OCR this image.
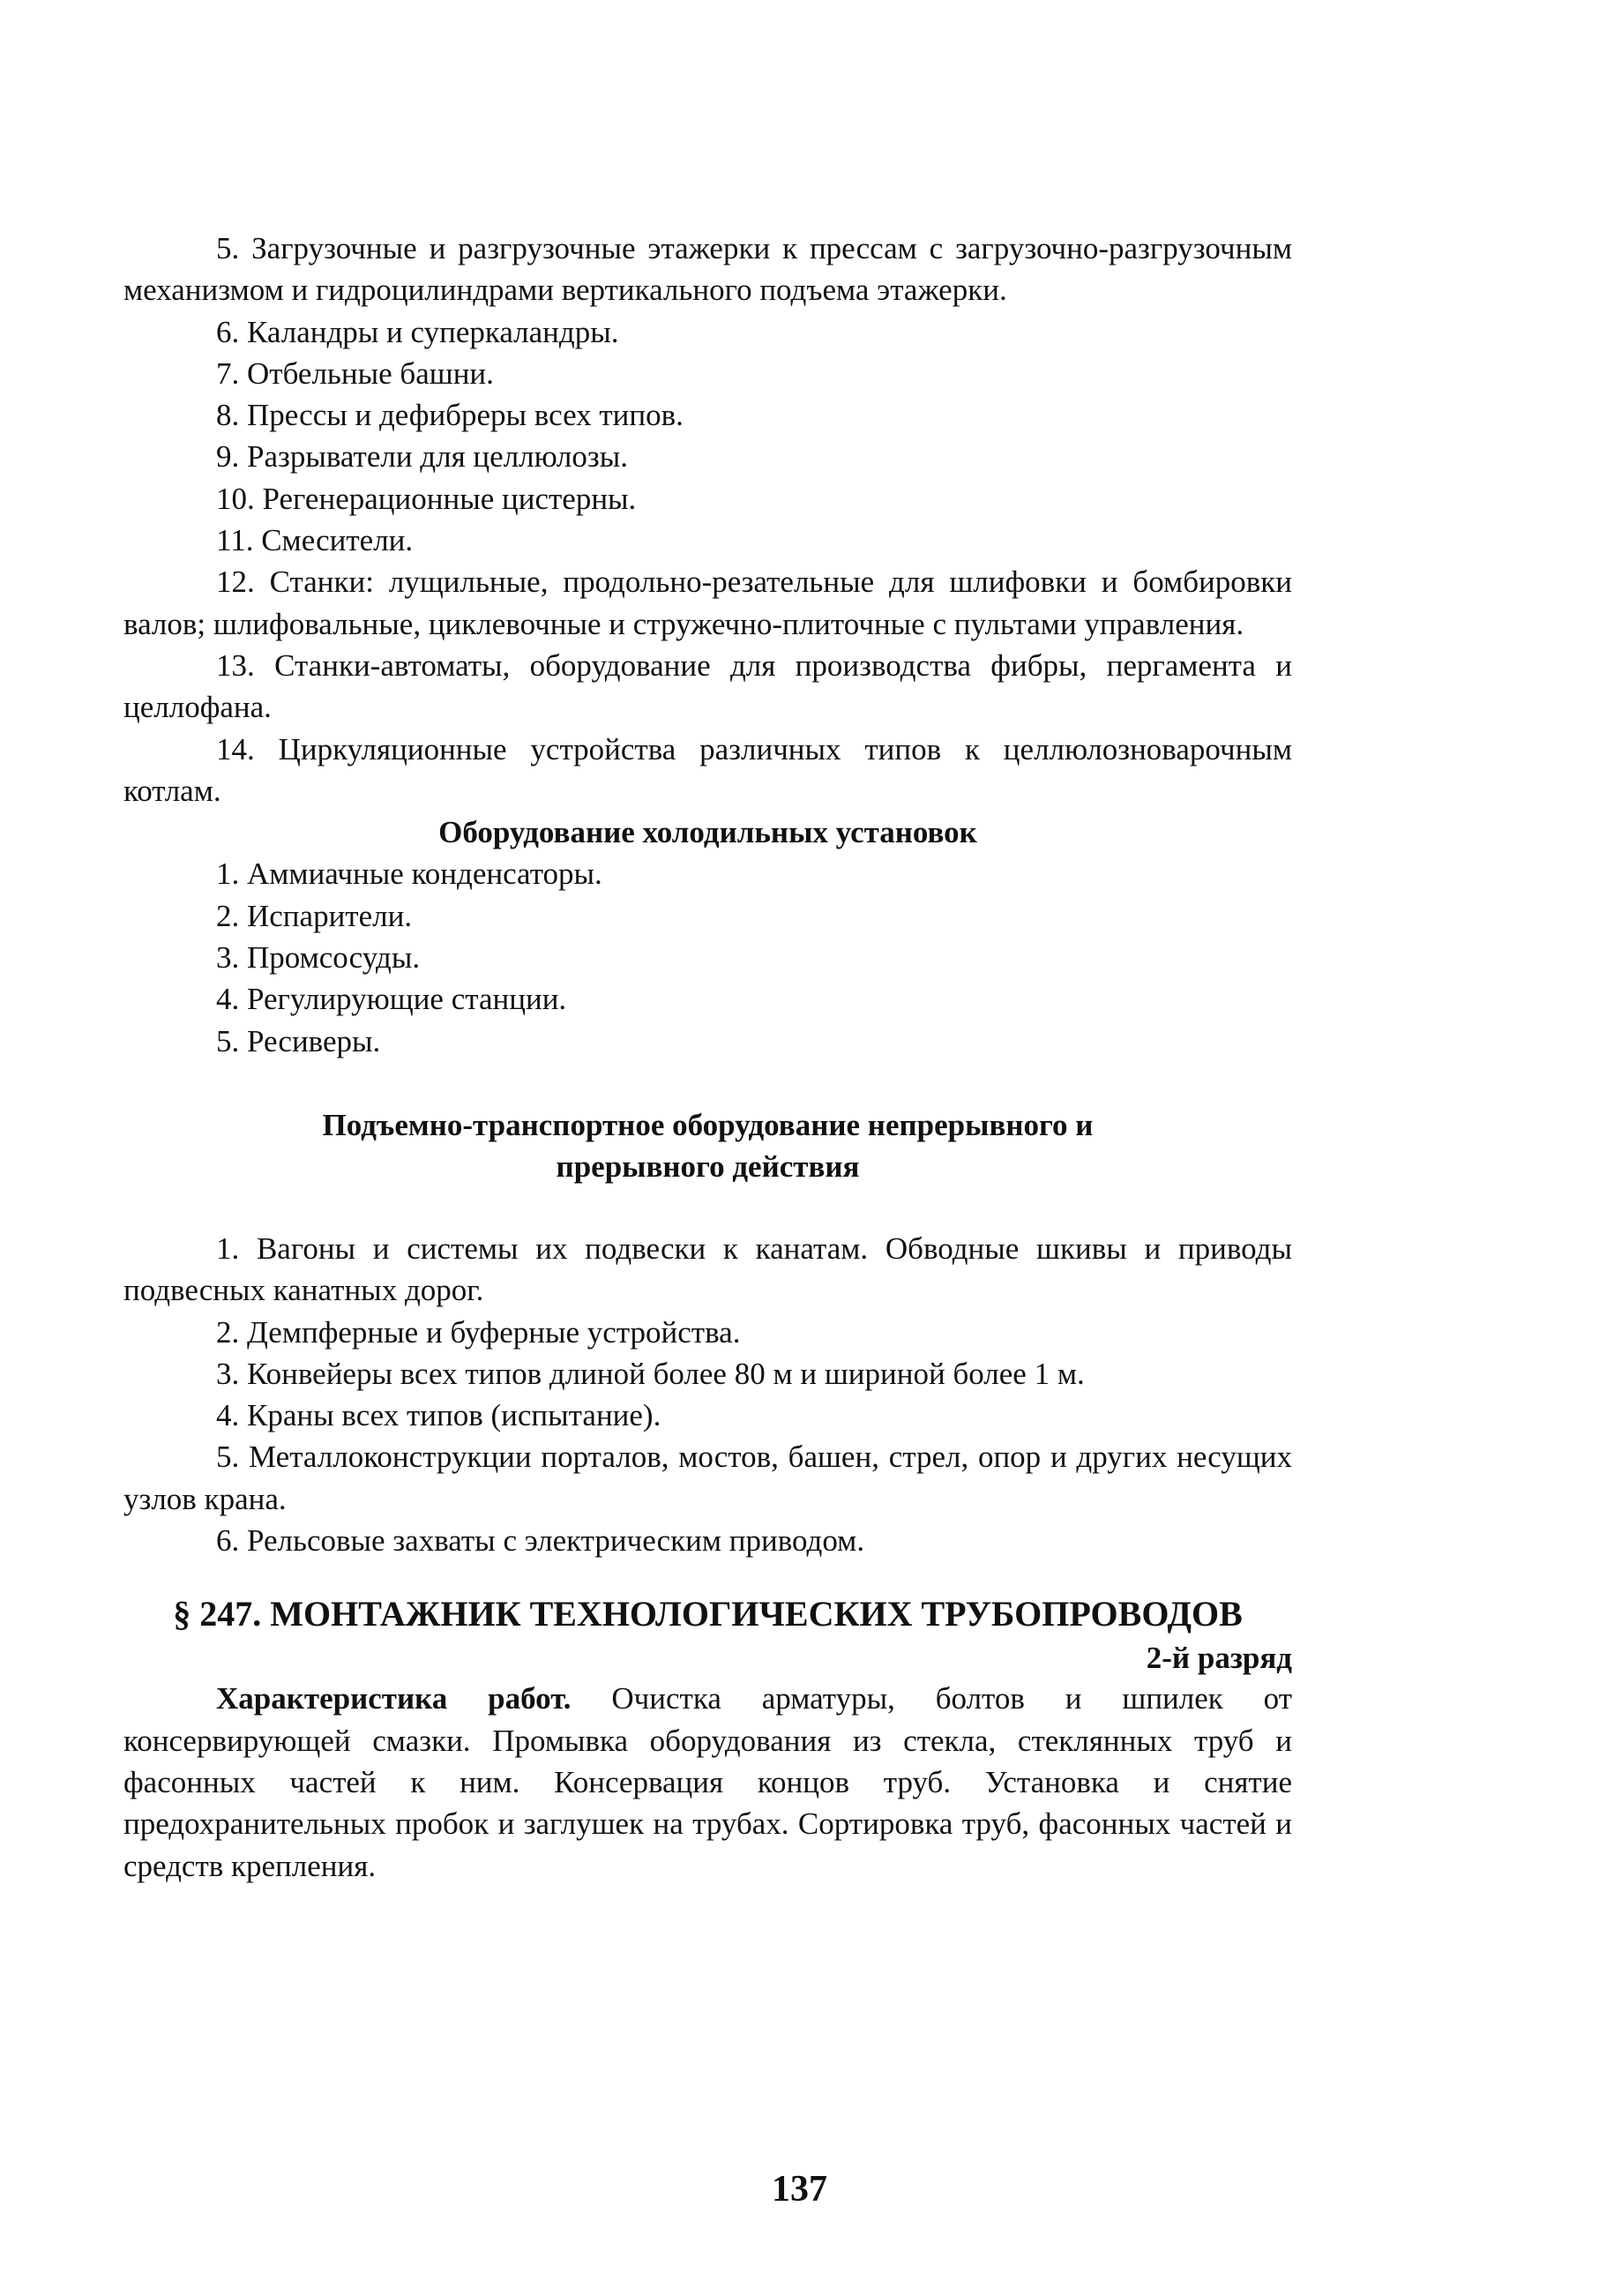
5. Загрузочные и разгрузочные этажерки к прессам с загрузочно-разгрузочным механизмом и гидроцилиндрами вертикального подъема этажерки.

6. Каландры и суперкаландры.

7. Отбельные башни.

8. Прессы и дефибреры всех типов.

9. Разрыватели для целлюлозы.

10. Регенерационные цистерны.

11. Смесители.

12. Станки: лущильные, продольно-резательные для шлифовки и бомбировки валов; шлифовальные, циклевочные и стружечно-плиточные с пультами управления.

13. Станки-автоматы, оборудование для производства фибры, пергамента и целлофана.

14. Циркуляционные устройства различных типов к целлюлозноварочным котлам.

Оборудование холодильных установок

1. Аммиачные конденсаторы.

2. Испарители.

3. Промсосуды.

4. Регулирующие станции.

5. Ресиверы.

Подъемно-транспортное оборудование непрерывного и
прерывного действия

1. Вагоны и системы их подвески к канатам. Обводные шкивы и приводы подвесных канатных дорог.

2. Демпферные и буферные устройства.

3. Конвейеры всех типов длиной более 80 м и шириной более 1 м.

4. Краны всех типов (испытание).

5. Металлоконструкции порталов, мостов, башен, стрел, опор и других несущих узлов крана.

6. Рельсовые захваты с электрическим приводом.

§ 247. МОНТАЖНИК ТЕХНОЛОГИЧЕСКИХ ТРУБОПРОВОДОВ
2-й разряд

Характеристика работ. Очистка арматуры, болтов и шпилек от консервирующей смазки. Промывка оборудования из стекла, стеклянных труб и фасонных частей к ним. Консервация концов труб. Установка и снятие предохранительных пробок и заглушек на трубах. Сортировка труб, фасонных частей и средств крепления.

137
